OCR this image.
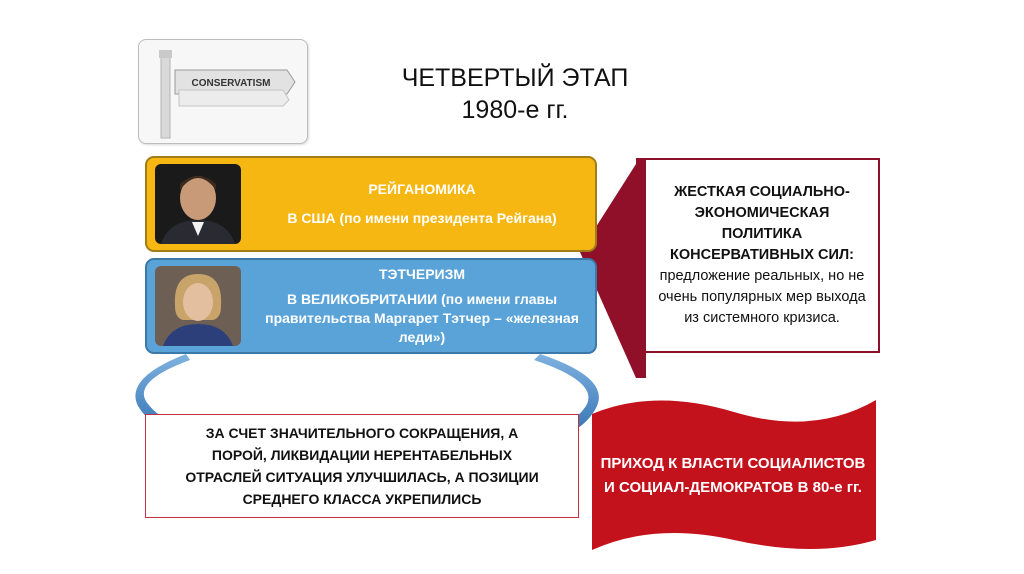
CONSERVATISM	ЧЕТВЕРТЫЙ ЭТАП
1980-е гг.
РЕЙГАНОМИКА
В США (по имени президента Рейгана)
ТЭТЧЕРИЗМ
В ВЕЛИКОБРИТАНИИ (по имени главы правительства Маргарет Тэтчер – «железная леди»)
ЖЕСТКАЯ СОЦИАЛЬНО-ЭКОНОМИЧЕСКАЯ ПОЛИТИКА КОНСЕРВАТИВНЫХ СИЛ:
предложение реальных, но не очень популярных мер выхода из системного кризиса.
ЗА СЧЕТ ЗНАЧИТЕЛЬНОГО СОКРАЩЕНИЯ, А ПОРОЙ, ЛИКВИДАЦИИ НЕРЕНТАБЕЛЬНЫХ ОТРАСЛЕЙ СИТУАЦИЯ УЛУЧШИЛАСЬ, А ПОЗИЦИИ СРЕДНЕГО КЛАССА УКРЕПИЛИСЬ
ПРИХОД К ВЛАСТИ СОЦИАЛИСТОВ И СОЦИАЛ-ДЕМОКРАТОВ В 80-е гг.
